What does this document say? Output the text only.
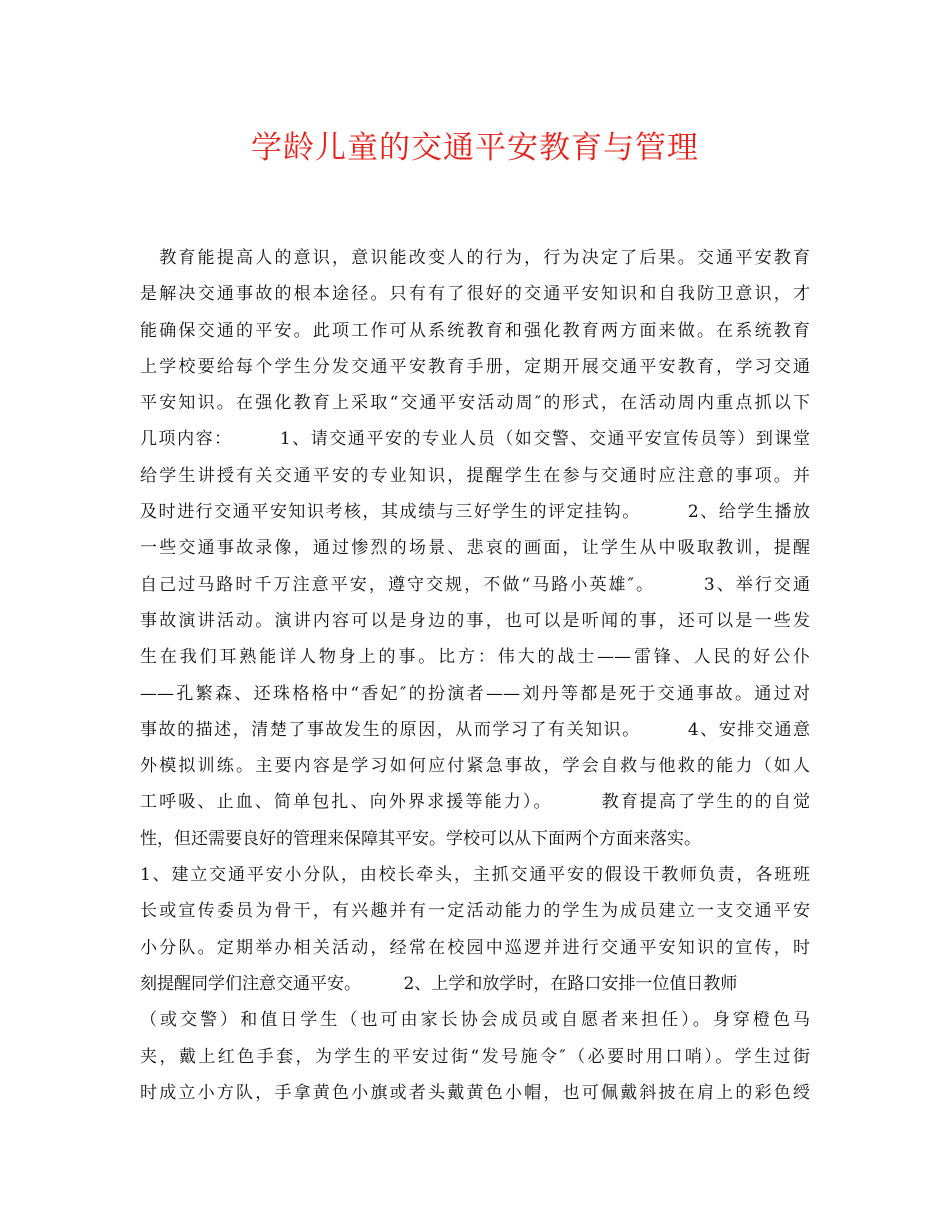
学龄儿童的交通平安教育与管理
　教育能提高人的意识，意识能改变人的行为，行为决定了后果。交通平安教育
是解决交通事故的根本途径。只有有了很好的交通平安知识和自我防卫意识，才
能确保交通的平安。此项工作可从系统教育和强化教育两方面来做。在系统教育
上学校要给每个学生分发交通平安教育手册，定期开展交通平安教育，学习交通
平安知识。在强化教育上采取“交通平安活动周″的形式，在活动周内重点抓以下
几项内容：　　　1、请交通平安的专业人员（如交警、交通平安宣传员等）到课堂
给学生讲授有关交通平安的专业知识，提醒学生在参与交通时应注意的事项。并
及时进行交通平安知识考核，其成绩与三好学生的评定挂钩。　　　2、给学生播放
一些交通事故录像，通过惨烈的场景、悲哀的画面，让学生从中吸取教训，提醒
自己过马路时千万注意平安，遵守交规，不做“马路小英雄″。　　　3、举行交通
事故演讲活动。演讲内容可以是身边的事，也可以是听闻的事，还可以是一些发
生在我们耳熟能详人物身上的事。比方：伟大的战士——雷锋、人民的好公仆
——孔繁森、还珠格格中“香妃″的扮演者——刘丹等都是死于交通事故。通过对
事故的描述，清楚了事故发生的原因，从而学习了有关知识。　　　4、安排交通意
外模拟训练。主要内容是学习如何应付紧急事故，学会自救与他救的能力（如人
工呼吸、止血、简单包扎、向外界求援等能力）。　　　教育提高了学生的的自觉
性，但还需要良好的管理来保障其平安。学校可以从下面两个方面来落实。
1、建立交通平安小分队，由校长牵头，主抓交通平安的假设干教师负责，各班班
长或宣传委员为骨干，有兴趣并有一定活动能力的学生为成员建立一支交通平安
小分队。定期举办相关活动，经常在校园中巡逻并进行交通平安知识的宣传，时
刻提醒同学们注意交通平安。　　　2、上学和放学时，在路口安排一位值日教师
（或交警）和值日学生（也可由家长协会成员或自愿者来担任）。身穿橙色马
夹，戴上红色手套，为学生的平安过街“发号施令″（必要时用口哨）。学生过街
时成立小方队，手拿黄色小旗或者头戴黄色小帽，也可佩戴斜披在肩上的彩色绶
